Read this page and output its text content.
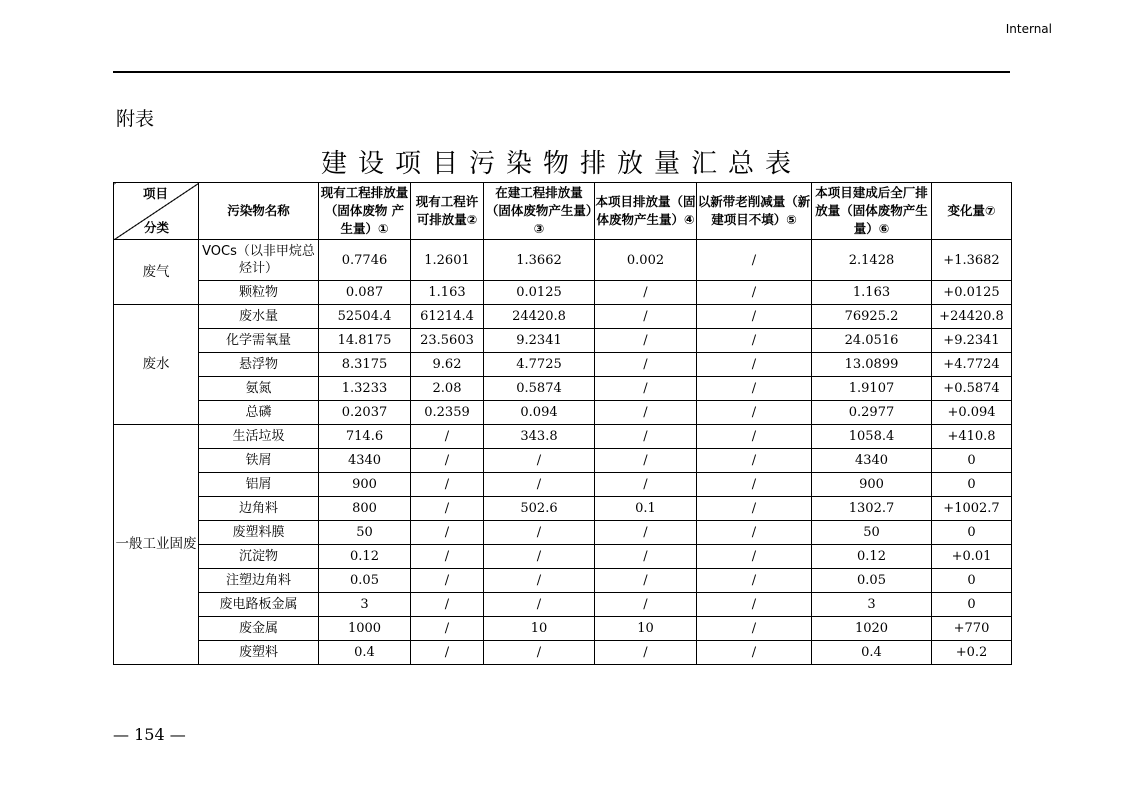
Internal
附表
建设项目污染物排放量汇总表
项目
分类	污染物名称	现有工程排放量（固体废物 产生量）①	现有工程许可排放量②	在建工程排放量（固体废物产生量）③	本项目排放量（固体废物产生量）④	以新带老削减量（新建项目不填）⑤	本项目建成后全厂排放量（固体废物产生量）⑥	变化量⑦
废气	VOCs（以非甲烷总烃计）	0.7746	1.2601	1.3662	0.002	/	2.1428	+1.3682
	颗粒物	0.087	1.163	0.0125	/	/	1.163	+0.0125
废水	废水量	52504.4	61214.4	24420.8	/	/	76925.2	+24420.8
	化学需氧量	14.8175	23.5603	9.2341	/	/	24.0516	+9.2341
	悬浮物	8.3175	9.62	4.7725	/	/	13.0899	+4.7724
	氨氮	1.3233	2.08	0.5874	/	/	1.9107	+0.5874
	总磷	0.2037	0.2359	0.094	/	/	0.2977	+0.094
一般工业固废	生活垃圾	714.6	/	343.8	/	/	1058.4	+410.8
	铁屑	4340	/	/	/	/	4340	0
	铝屑	900	/	/	/	/	900	0
	边角料	800	/	502.6	0.1	/	1302.7	+1002.7
	废塑料膜	50	/	/	/	/	50	0
	沉淀物	0.12	/	/	/	/	0.12	+0.01
	注塑边角料	0.05	/	/	/	/	0.05	0
	废电路板金属	3	/	/	/	/	3	0
	废金属	1000	/	10	10	/	1020	+770
	废塑料	0.4	/	/	/	/	0.4	+0.2
— 154 —
